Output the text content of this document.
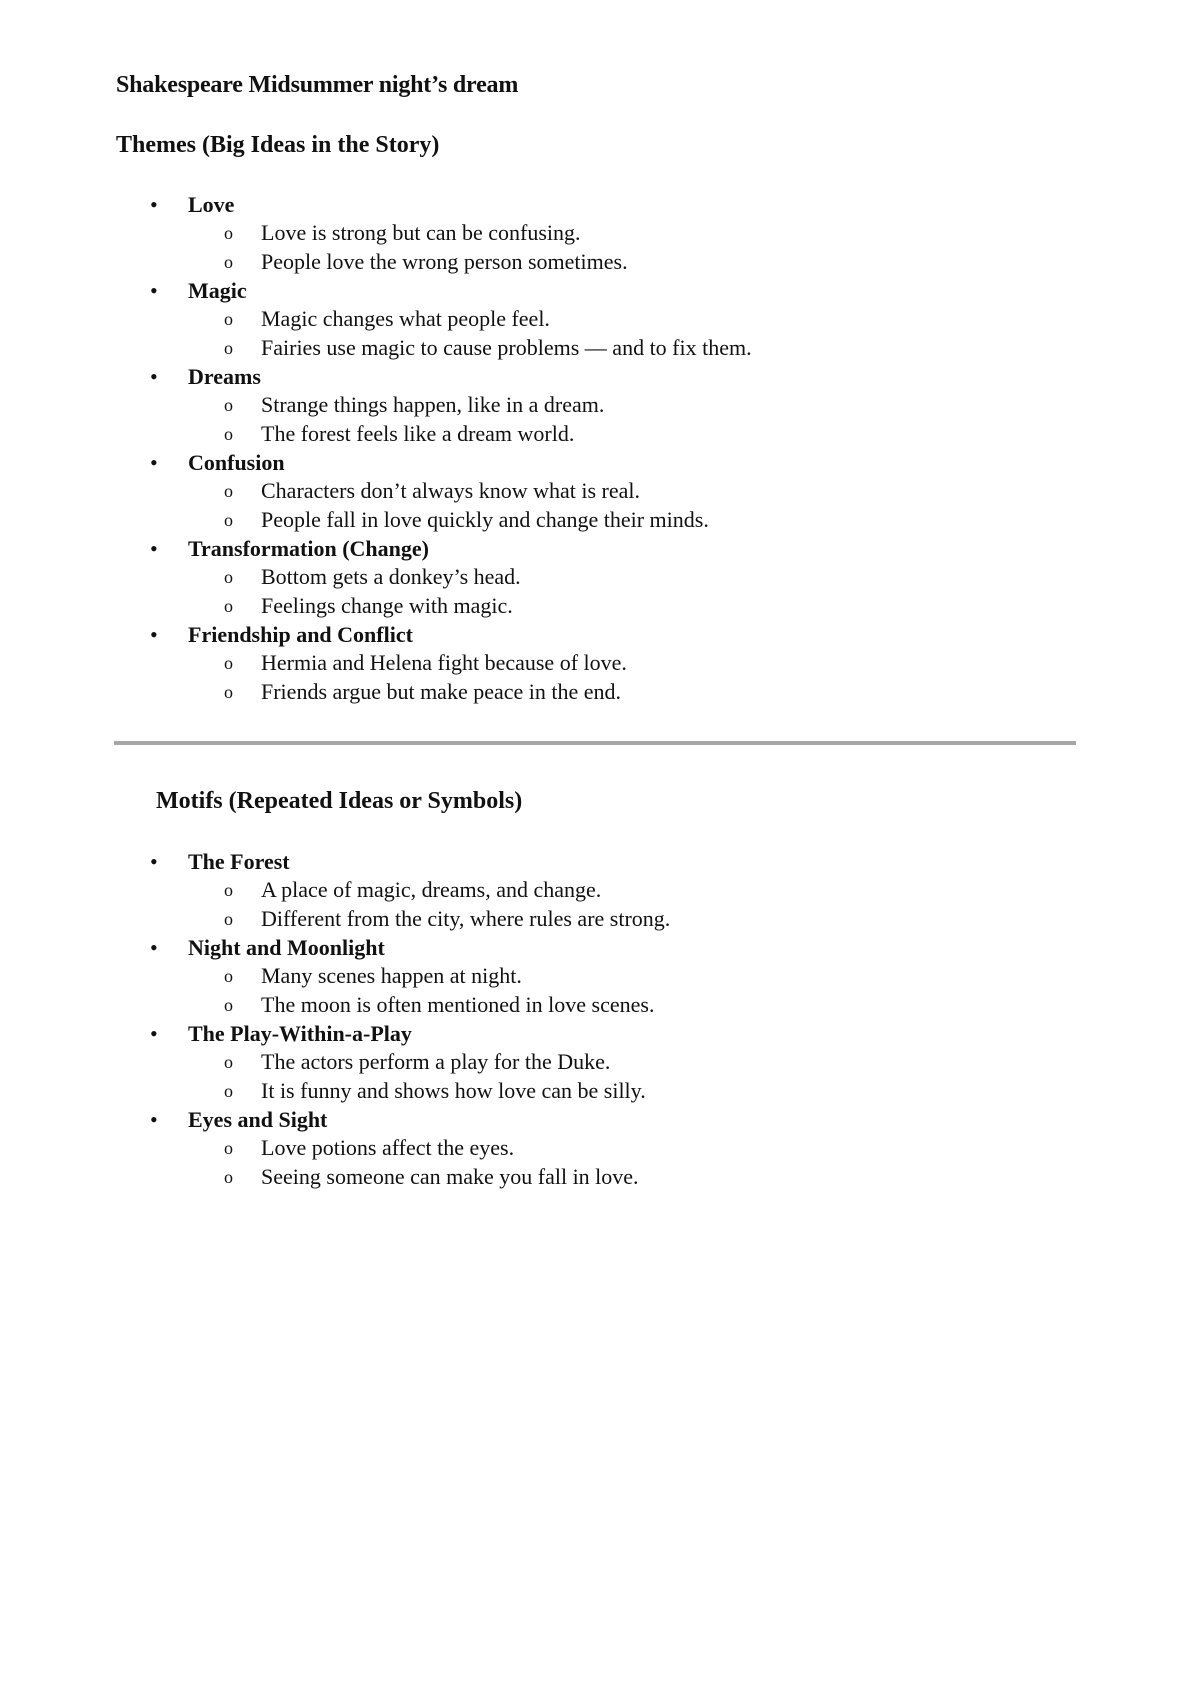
Shakespeare Midsummer night’s dream
Themes (Big Ideas in the Story)
• Love
o Love is strong but can be confusing.
o People love the wrong person sometimes.
• Magic
o Magic changes what people feel.
o Fairies use magic to cause problems — and to fix them.
• Dreams
o Strange things happen, like in a dream.
o The forest feels like a dream world.
• Confusion
o Characters don’t always know what is real.
o People fall in love quickly and change their minds.
• Transformation (Change)
o Bottom gets a donkey’s head.
o Feelings change with magic.
• Friendship and Conflict
o Hermia and Helena fight because of love.
o Friends argue but make peace in the end.
Motifs (Repeated Ideas or Symbols)
• The Forest
o A place of magic, dreams, and change.
o Different from the city, where rules are strong.
• Night and Moonlight
o Many scenes happen at night.
o The moon is often mentioned in love scenes.
• The Play-Within-a-Play
o The actors perform a play for the Duke.
o It is funny and shows how love can be silly.
• Eyes and Sight
o Love potions affect the eyes.
o Seeing someone can make you fall in love.
